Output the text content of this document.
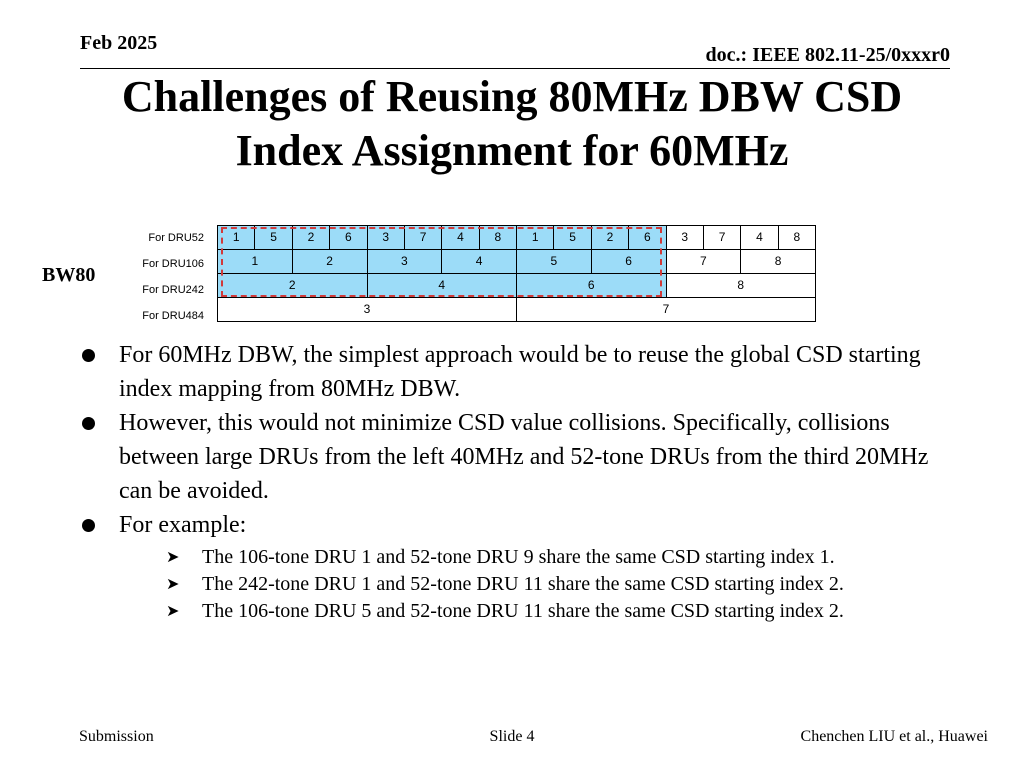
Feb 2025
doc.: IEEE 802.11-25/0xxxr0
Challenges of Reusing 80MHz DBW CSD
Index Assignment for 60MHz
BW80
For DRU52
For DRU106
For DRU242
For DRU484
1	5	2	6	3	7	4	8	1	5	2	6	3	7	4	8
1	2	3	4	5	6	7	8
2	4	6	8
3	7
For 60MHz DBW, the simplest approach would be to reuse the global CSD starting index mapping from 80MHz DBW.
However, this would not minimize CSD value collisions. Specifically, collisions between large DRUs from the left 40MHz and 52-tone DRUs from the third 20MHz can be avoided.
For example:
➤ The 106-tone DRU 1 and 52-tone DRU 9 share the same CSD starting index 1.
➤ The 242-tone DRU 1 and 52-tone DRU 11 share the same CSD starting index 2.
➤ The 106-tone DRU 5 and 52-tone DRU 11 share the same CSD starting index 2.
Submission	Slide 4	Chenchen LIU et al., Huawei
